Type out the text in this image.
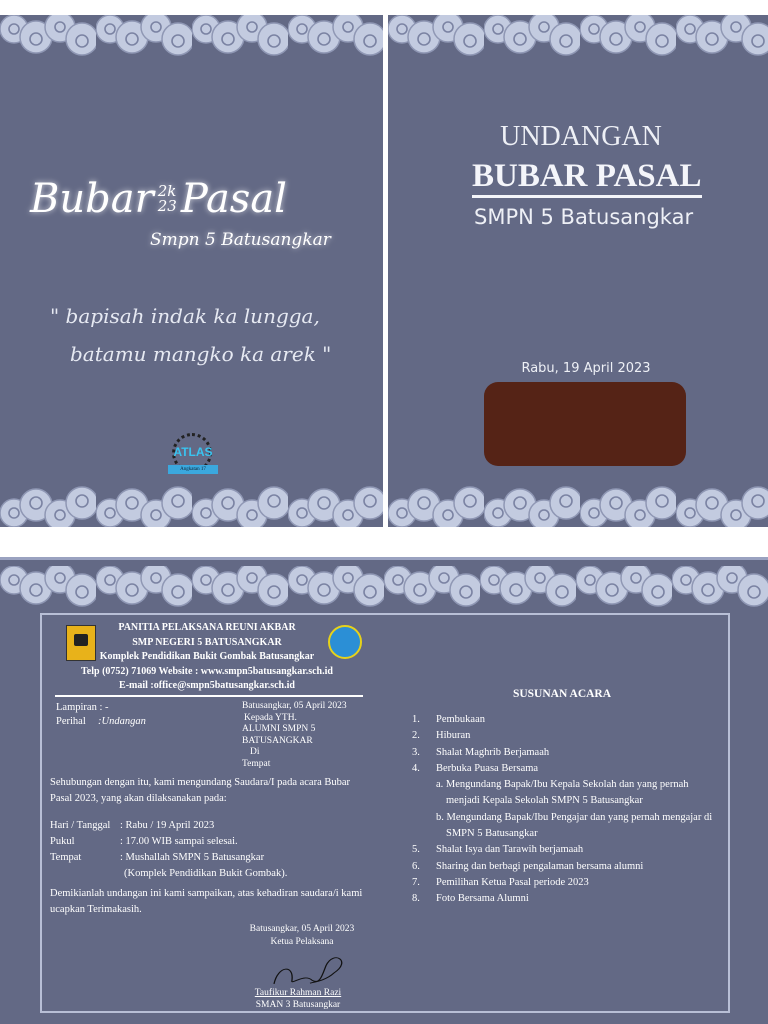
Bubar 2k
23 Pasal
Smpn 5 Batusangkar
" bapisah indak ka lungga,
batamu mangko ka arek "
ATLAS
Angkatan 17
UNDANGAN
BUBAR PASAL
SMPN 5 Batusangkar
Rabu, 19 April 2023
PANITIA PELAKSANA REUNI AKBAR
SMP NEGERI 5 BATUSANGKAR
Komplek Pendidikan Bukit Gombak Batusangkar
Telp (0752) 71069 Website : www.smpn5batusangkar.sch.id
E-mail :office@smpn5batusangkar.sch.id
Lampiran : -
Perihal :Undangan
Batusangkar, 05 April 2023
Kepada YTH.
ALUMNI SMPN 5
BATUSANGKAR
Di
Tempat
Sehubungan dengan itu, kami mengundang Saudara/I pada acara Bubar Pasal 2023, yang akan dilaksanakan pada:
Hari / Tanggal : Rabu / 19 April 2023
Pukul	: 17.00 WIB sampai selesai.
Tempat	: Mushallah SMPN 5 Batusangkar
(Komplek Pendidikan Bukit Gombak).
Demikianlah undangan ini kami sampaikan, atas kehadiran saudara/i kami ucapkan Terimakasih.
Batusangkar, 05 April 2023
Ketua Pelaksana
Taufikur Rahman Razi
SMAN 3 Batusangkar
SUSUNAN ACARA
1. Pembukaan
2. Hiburan
3. Shalat Maghrib Berjamaah
4. Berbuka Puasa Bersama
a. Mengundang Bapak/Ibu Kepala Sekolah dan yang pernah menjadi Kepala Sekolah SMPN 5 Batusangkar
b. Mengundang Bapak/Ibu Pengajar dan yang pernah mengajar di SMPN 5 Batusangkar
5. Shalat Isya dan Tarawih berjamaah
6. Sharing dan berbagi pengalaman bersama alumni
7. Pemilihan Ketua Pasal periode 2023
8. Foto Bersama Alumni
